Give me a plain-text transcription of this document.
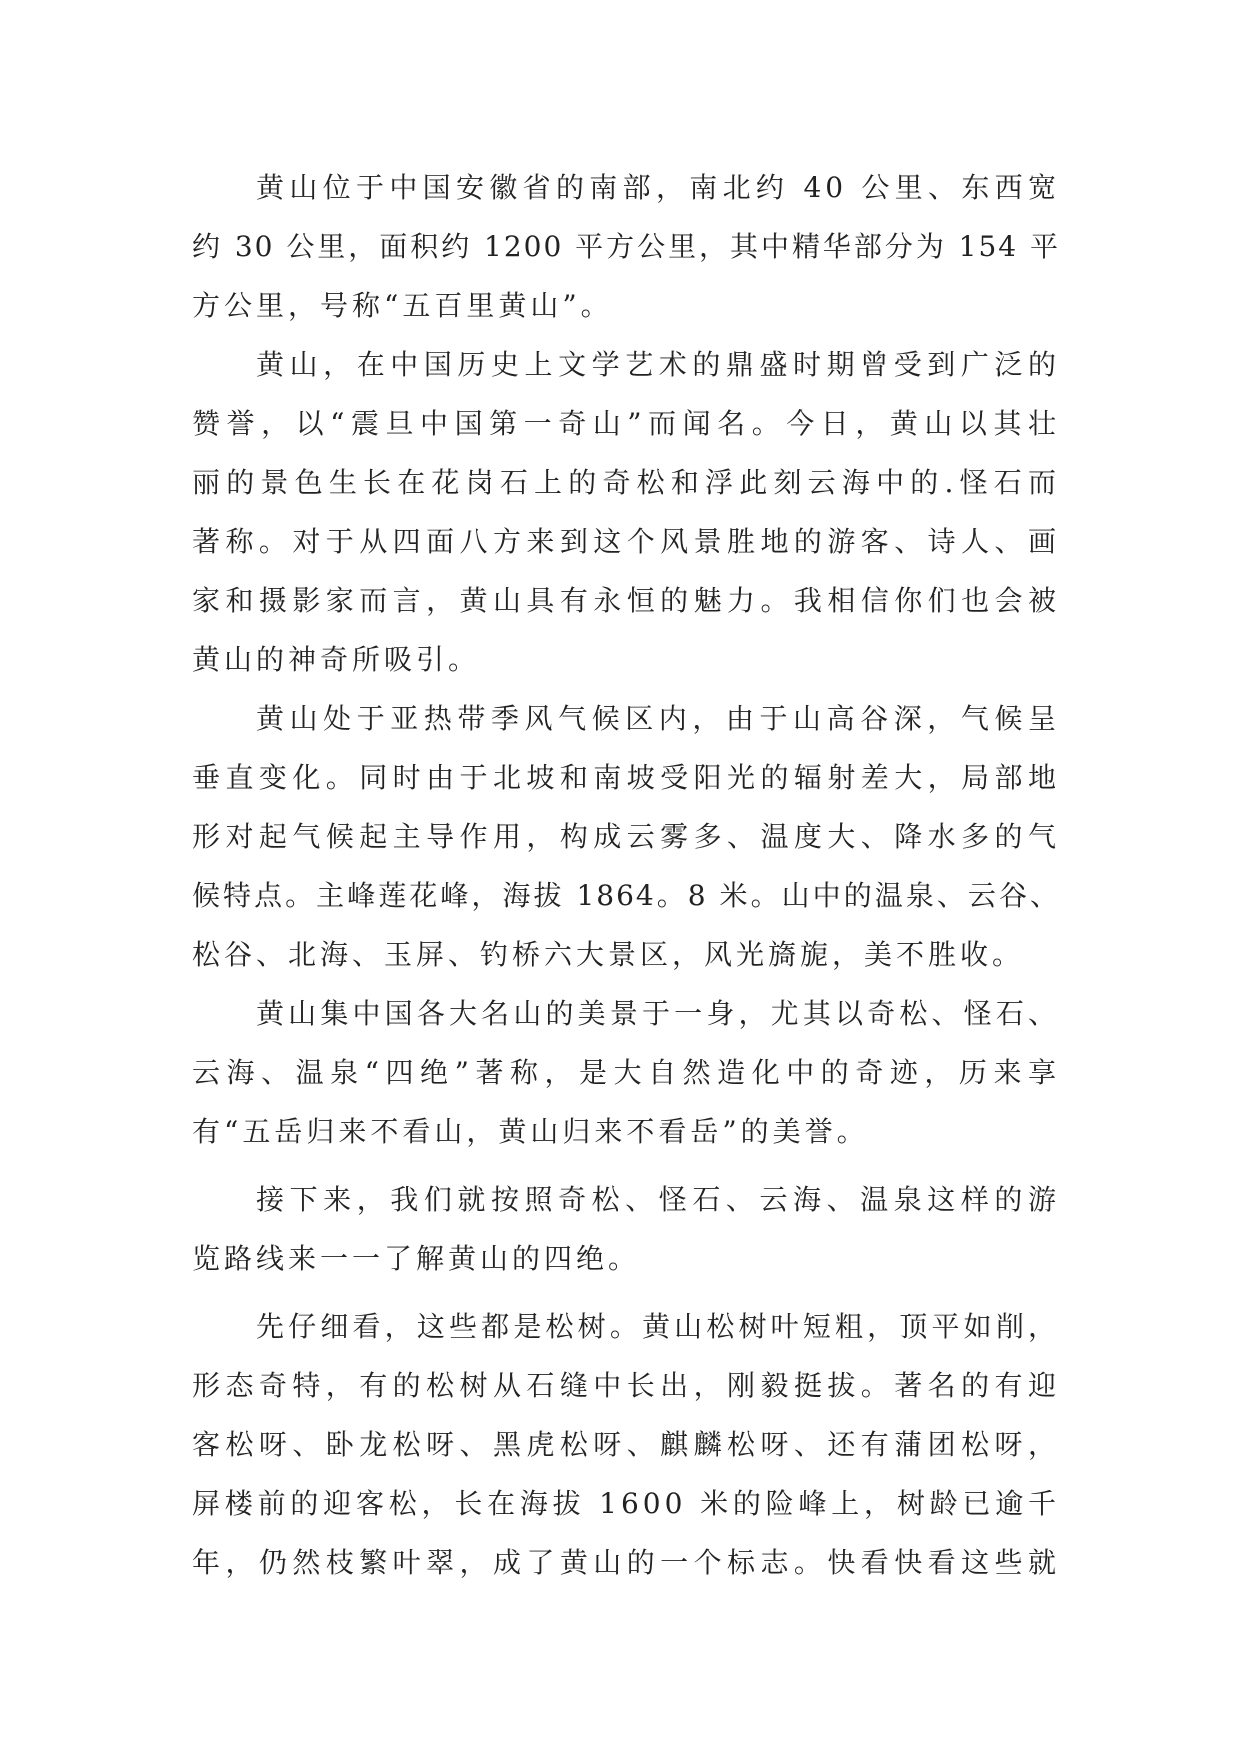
黄山位于中国安徽省的南部，南北约 40 公里、东西宽
约 30 公里，面积约 1200 平方公里，其中精华部分为 154 平
方公里，号称“五百里黄山”。
黄山，在中国历史上文学艺术的鼎盛时期曾受到广泛的
赞誉，以“震旦中国第一奇山”而闻名。今日，黄山以其壮
丽的景色生长在花岗石上的奇松和浮此刻云海中的.怪石而
著称。对于从四面八方来到这个风景胜地的游客、诗人、画
家和摄影家而言，黄山具有永恒的魅力。我相信你们也会被
黄山的神奇所吸引。
黄山处于亚热带季风气候区内，由于山高谷深，气候呈
垂直变化。同时由于北坡和南坡受阳光的辐射差大，局部地
形对起气候起主导作用，构成云雾多、温度大、降水多的气
候特点。主峰莲花峰，海拔 1864。8 米。山中的温泉、云谷、
松谷、北海、玉屏、钓桥六大景区，风光旖旎，美不胜收。
黄山集中国各大名山的美景于一身，尤其以奇松、怪石、
云海、温泉“四绝”著称，是大自然造化中的奇迹，历来享
有“五岳归来不看山，黄山归来不看岳”的美誉。
接下来，我们就按照奇松、怪石、云海、温泉这样的游
览路线来一一了解黄山的四绝。
先仔细看，这些都是松树。黄山松树叶短粗，顶平如削，
形态奇特，有的松树从石缝中长出，刚毅挺拔。著名的有迎
客松呀、卧龙松呀、黑虎松呀、麒麟松呀、还有蒲团松呀，
屏楼前的迎客松，长在海拔 1600 米的险峰上，树龄已逾千
年，仍然枝繁叶翠，成了黄山的一个标志。快看快看这些就
